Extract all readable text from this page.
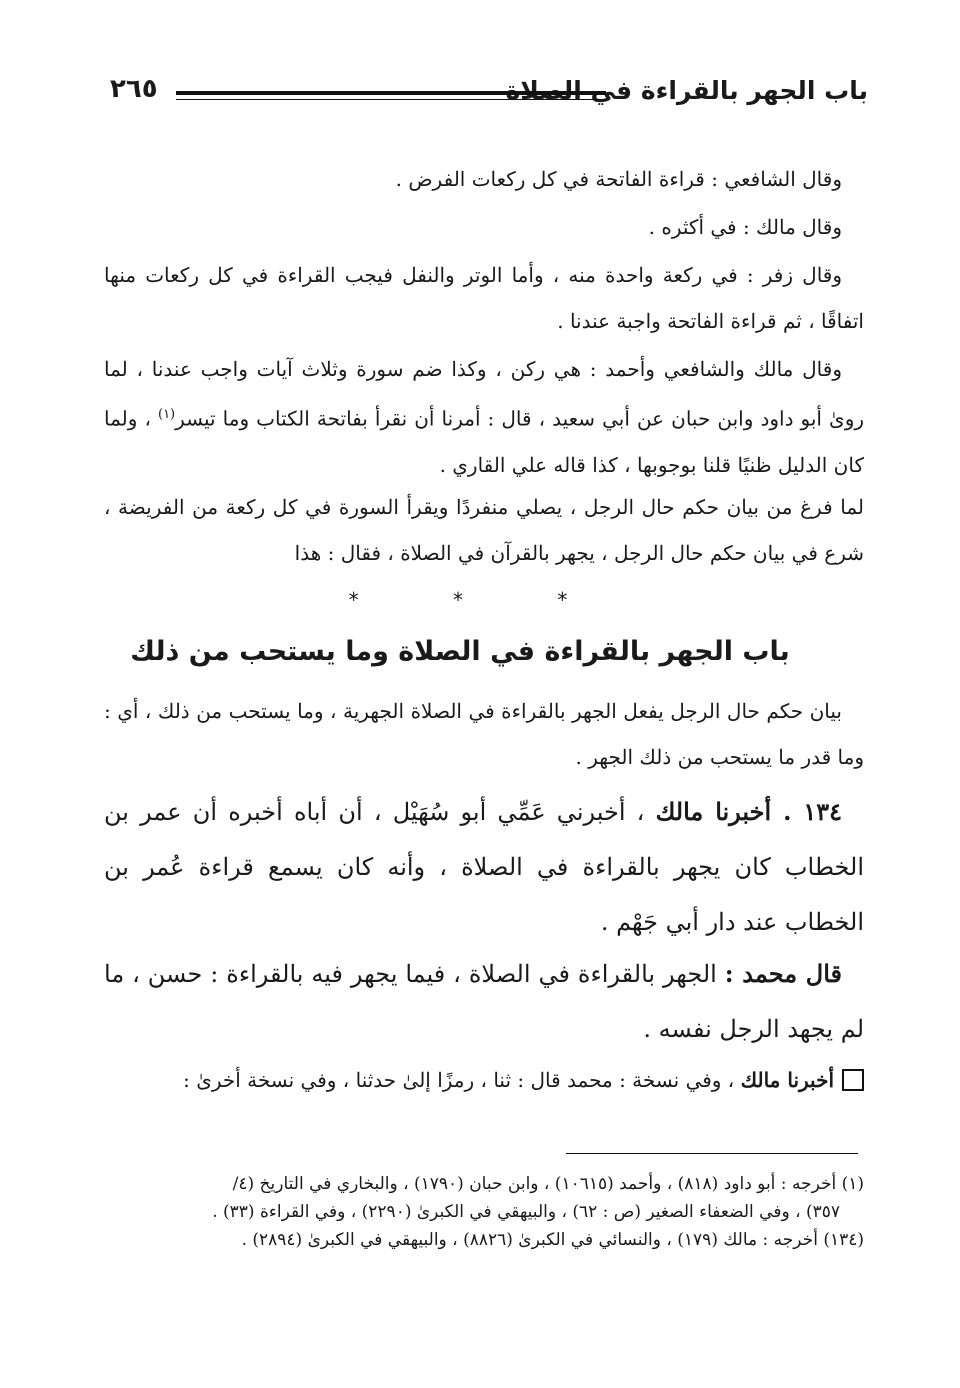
باب الجهر بالقراءة في الصلاة
٢٦٥

وقال الشافعي : قراءة الفاتحة في كل ركعات الفرض .

وقال مالك : في أكثره .

وقال زفر : في ركعة واحدة منه ، وأما الوتر والنفل فيجب القراءة في كل ركعات منها اتفاقًا ، ثم قراءة الفاتحة واجبة عندنا .

وقال مالك والشافعي وأحمد : هي ركن ، وكذا ضم سورة وثلاث آيات واجب عندنا ، لما روىٰ أبو داود وابن حبان عن أبي سعيد ، قال : أمرنا أن نقرأ بفاتحة الكتاب وما تيسر$^{(١)}$ ، ولما كان الدليل ظنيًا قلنا بوجوبها ، كذا قاله علي القاري .

لما فرغ من بيان حكم حال الرجل ، يصلي منفردًا ويقرأ السورة في كل ركعة من الفريضة ، شرع في بيان حكم حال الرجل ، يجهر بالقرآن في الصلاة ، فقال : هذا

* * *
باب الجهر بالقراءة في الصلاة وما يستحب من ذلك

بيان حكم حال الرجل يفعل الجهر بالقراءة في الصلاة الجهرية ، وما يستحب من ذلك ، أي : وما قدر ما يستحب من ذلك الجهر .

١٣٤ . أخبرنا مالك ، أخبرني عَمِّي أبو سُهَيْل ، أن أباه أخبره أن عمر بن الخطاب كان يجهر بالقراءة في الصلاة ، وأنه كان يسمع قراءة عُمر بن الخطاب عند دار أبي جَهْم .

قال محمد : الجهر بالقراءة في الصلاة ، فيما يجهر فيه بالقراءة : حسن ، ما لم يجهد الرجل نفسه .

أخبرنا مالك ، وفي نسخة : محمد قال : ثنا ، رمزًا إلىٰ حدثنا ، وفي نسخة أخرىٰ :

(١) أخرجه : أبو داود (٨١٨) ، وأحمد (١٠٦١٥) ، وابن حبان (١٧٩٠) ، والبخاري في التاريخ (٤/

٣٥٧) ، وفي الضعفاء الصغير (ص : ٦٢) ، والبيهقي في الكبرىٰ (٢٢٩٠) ، وفي القراءة (٣٣) .

(١٣٤) أخرجه : مالك (١٧٩) ، والنسائي في الكبرىٰ (٨٨٢٦) ، والبيهقي في الكبرىٰ (٢٨٩٤) .
